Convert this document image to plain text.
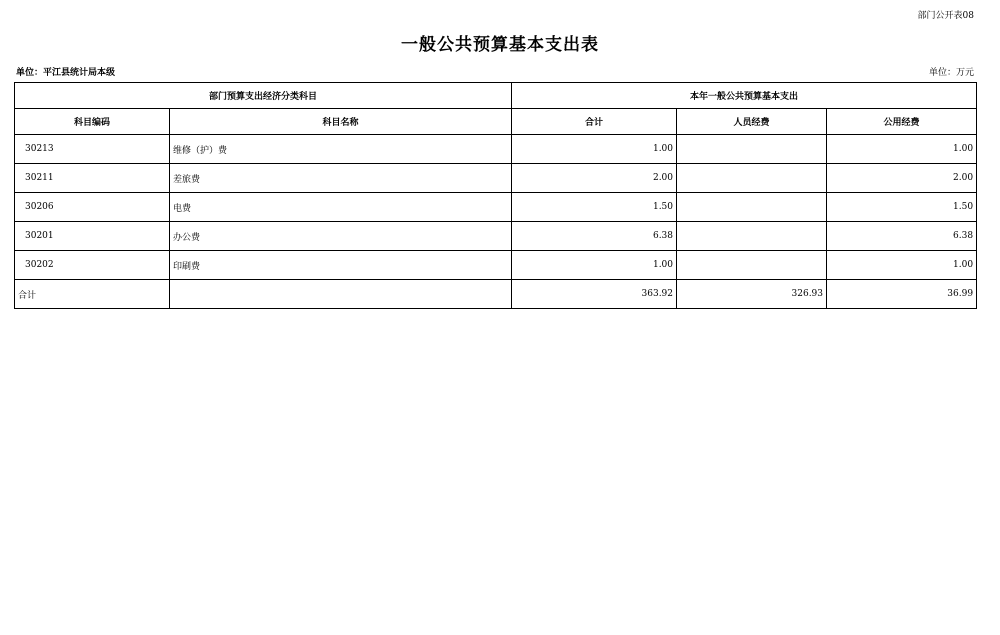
部门公开表08
一般公共预算基本支出表
单位：平江县统计局本级	单位：万元
部门预算支出经济分类科目		本年一般公共预算基本支出		
科目编码	科目名称	合计	人员经费	公用经费
30213	维修（护）费	1.00		1.00
30211	差旅费	2.00		2.00
30206	电费	1.50		1.50
30201	办公费	6.38		6.38
30202	印刷费	1.00		1.00
合计		363.92	326.93	36.99
